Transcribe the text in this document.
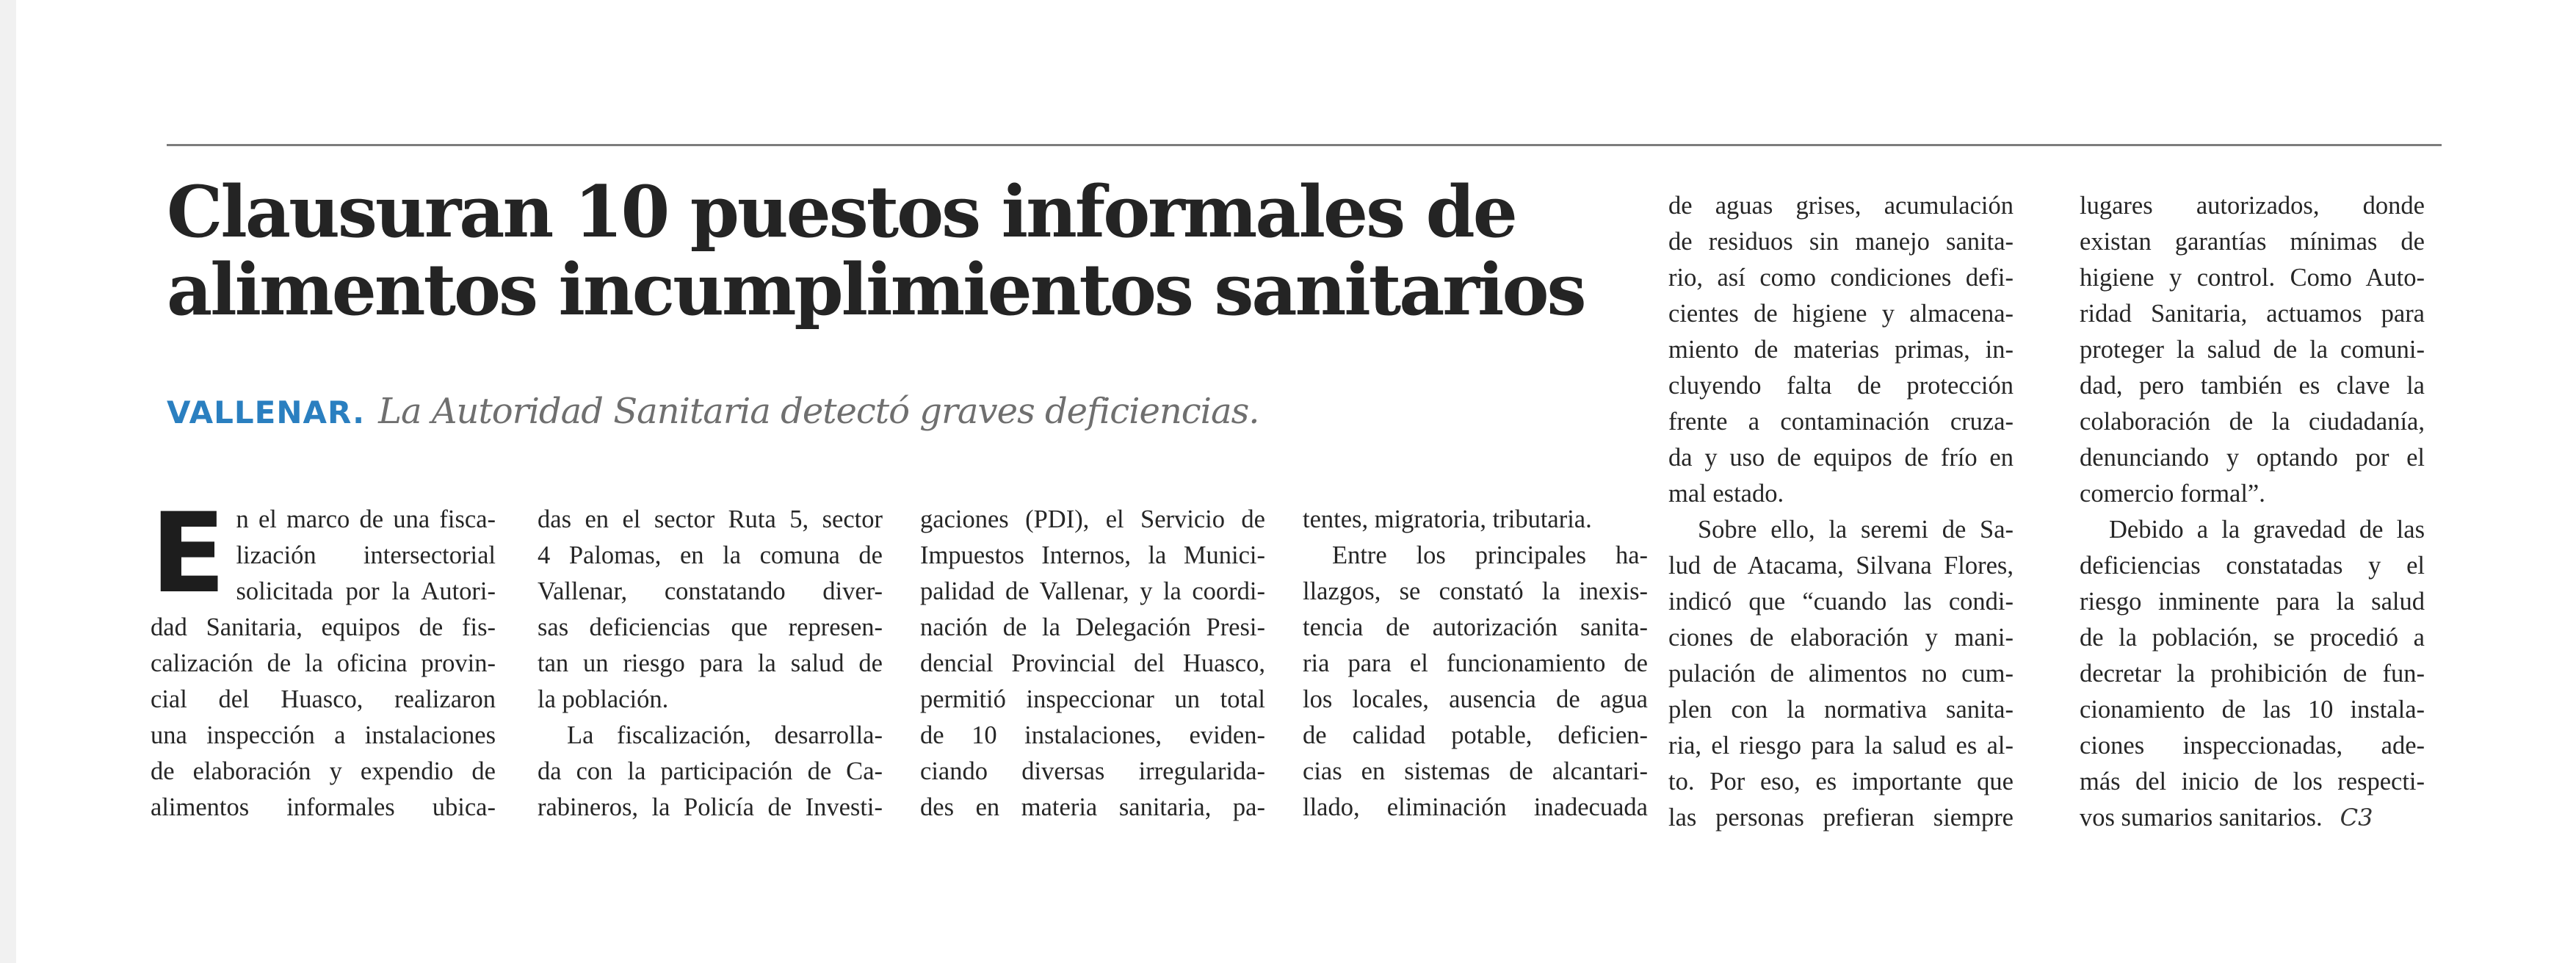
Clausuran 10 puestos informales de
alimentos incumplimientos sanitarios

VALLENAR. La Autoridad Sanitaria detectó graves deficiencias.

E n el marco de una fisca-

lización intersectorial

solicitada por la Autori-

dad Sanitaria, equipos de fis-

calización de la oficina provin-

cial del Huasco, realizaron

una inspección a instalaciones

de elaboración y expendio de

alimentos informales ubica-

das en el sector Ruta 5, sector

4 Palomas, en la comuna de

Vallenar, constatando diver-

sas deficiencias que represen-

tan un riesgo para la salud de

la población.

La fiscalización, desarrolla-

da con la participación de Ca-

rabineros, la Policía de Investi-

gaciones (PDI), el Servicio de

Impuestos Internos, la Munici-

palidad de Vallenar, y la coordi-

nación de la Delegación Presi-

dencial Provincial del Huasco,

permitió inspeccionar un total

de 10 instalaciones, eviden-

ciando diversas irregularida-

des en materia sanitaria, pa-

tentes, migratoria, tributaria.

Entre los principales ha-

llazgos, se constató la inexis-

tencia de autorización sanita-

ria para el funcionamiento de

los locales, ausencia de agua

de calidad potable, deficien-

cias en sistemas de alcantari-

llado, eliminación inadecuada

de aguas grises, acumulación

de residuos sin manejo sanita-

rio, así como condiciones defi-

cientes de higiene y almacena-

miento de materias primas, in-

cluyendo falta de protección

frente a contaminación cruza-

da y uso de equipos de frío en

mal estado.

Sobre ello, la seremi de Sa-

lud de Atacama, Silvana Flores,

indicó que “cuando las condi-

ciones de elaboración y mani-

pulación de alimentos no cum-

plen con la normativa sanita-

ria, el riesgo para la salud es al-

to. Por eso, es importante que

las personas prefieran siempre

lugares autorizados, donde

existan garantías mínimas de

higiene y control. Como Auto-

ridad Sanitaria, actuamos para

proteger la salud de la comuni-

dad, pero también es clave la

colaboración de la ciudadanía,

denunciando y optando por el

comercio formal”.

Debido a la gravedad de las

deficiencias constatadas y el

riesgo inminente para la salud

de la población, se procedió a

decretar la prohibición de fun-

cionamiento de las 10 instala-

ciones inspeccionadas, ade-

más del inicio de los respecti-

vos sumarios sanitarios. C3
